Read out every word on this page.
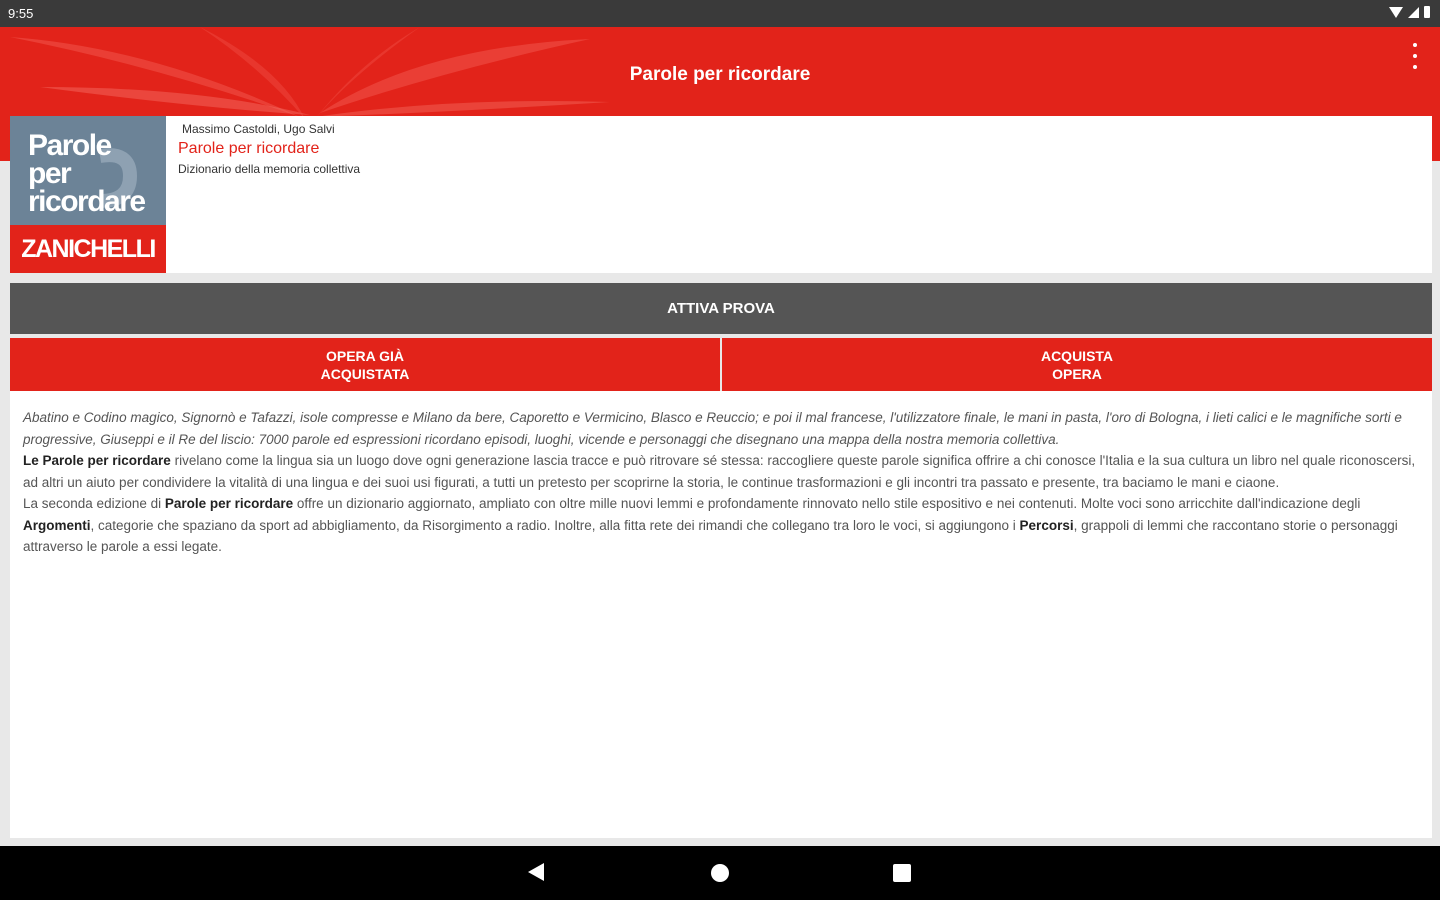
9:55
Parole per ricordare
Parole
per
ricordare
ZANICHELLI
Massimo Castoldi, Ugo Salvi
Parole per ricordare
Dizionario della memoria collettiva
ATTIVA PROVA
OPERA GIÀ
ACQUISTATA
ACQUISTA
OPERA

Abatino e Codino magico, Signornò e Tafazzi, isole compresse e Milano da bere, Caporetto e Vermicino, Blasco e Reuccio; e poi il mal francese, l'utilizzatore finale, le mani in pasta, l'oro di Bologna, i lieti calici e le magnifiche sorti e progressive, Giuseppi e il Re del liscio: 7000 parole ed espressioni ricordano episodi, luoghi, vicende e personaggi che disegnano una mappa della nostra memoria collettiva.

Le Parole per ricordare rivelano come la lingua sia un luogo dove ogni generazione lascia tracce e può ritrovare sé stessa: raccogliere queste parole significa offrire a chi conosce l'Italia e la sua cultura un libro nel quale riconoscersi, ad altri un aiuto per condividere la vitalità di una lingua e dei suoi usi figurati, a tutti un pretesto per scoprirne la storia, le continue trasformazioni e gli incontri tra passato e presente, tra baciamo le mani e ciaone.

La seconda edizione di Parole per ricordare offre un dizionario aggiornato, ampliato con oltre mille nuovi lemmi e profondamente rinnovato nello stile espositivo e nei contenuti. Molte voci sono arricchite dall'indicazione degli Argomenti, categorie che spaziano da sport ad abbigliamento, da Risorgimento a radio. Inoltre, alla fitta rete dei rimandi che collegano tra loro le voci, si aggiungono i Percorsi, grappoli di lemmi che raccontano storie o personaggi attraverso le parole a essi legate.
